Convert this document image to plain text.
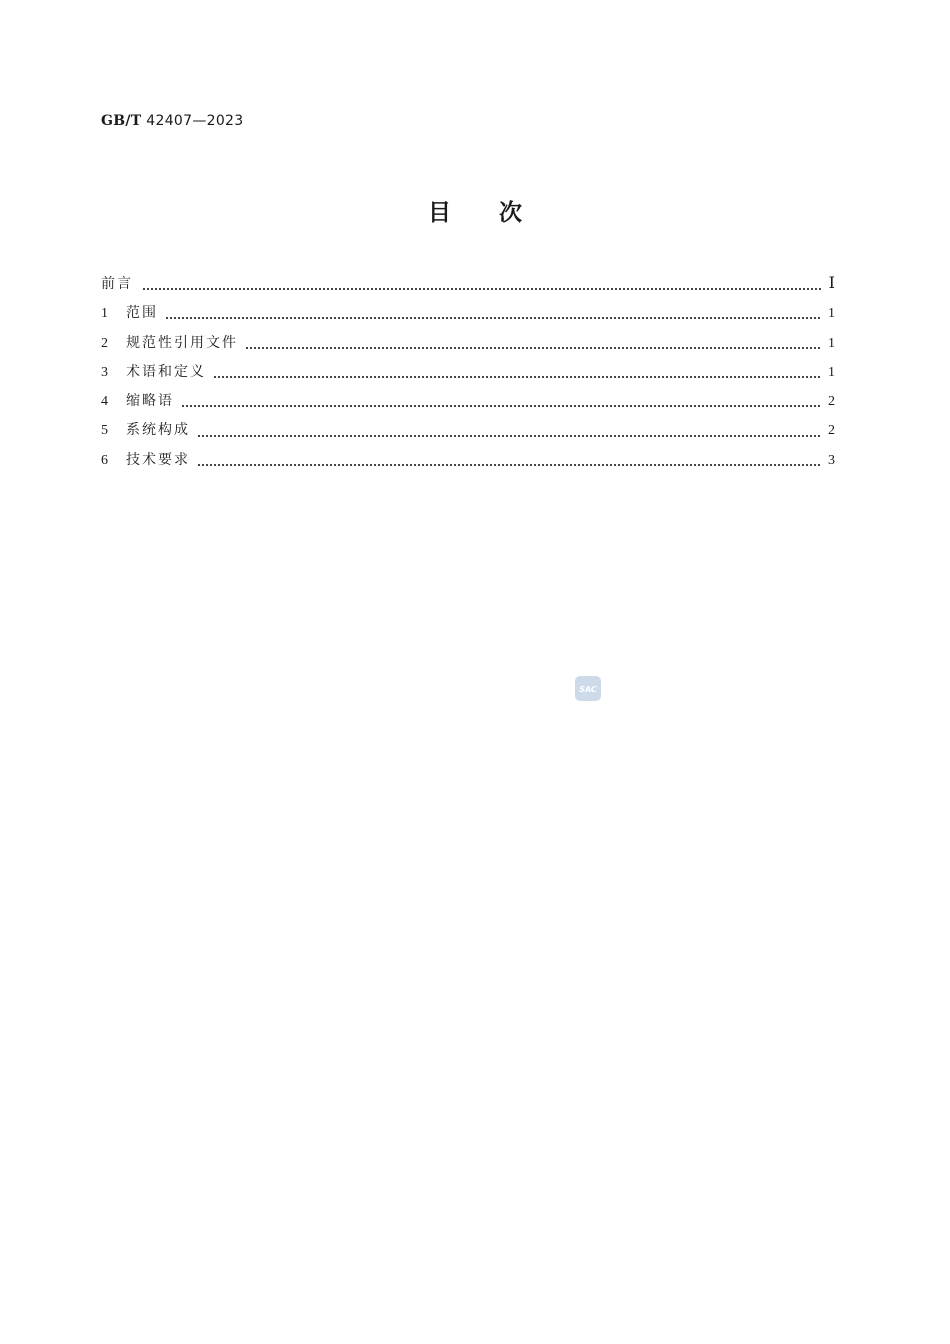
GB/T 42407—2023
目 次
前言	Ⅰ
1	范围	1
2	规范性引用文件	1
3	术语和定义	1
4	缩略语	2
5	系统构成	2
6	技术要求	3
SAC
